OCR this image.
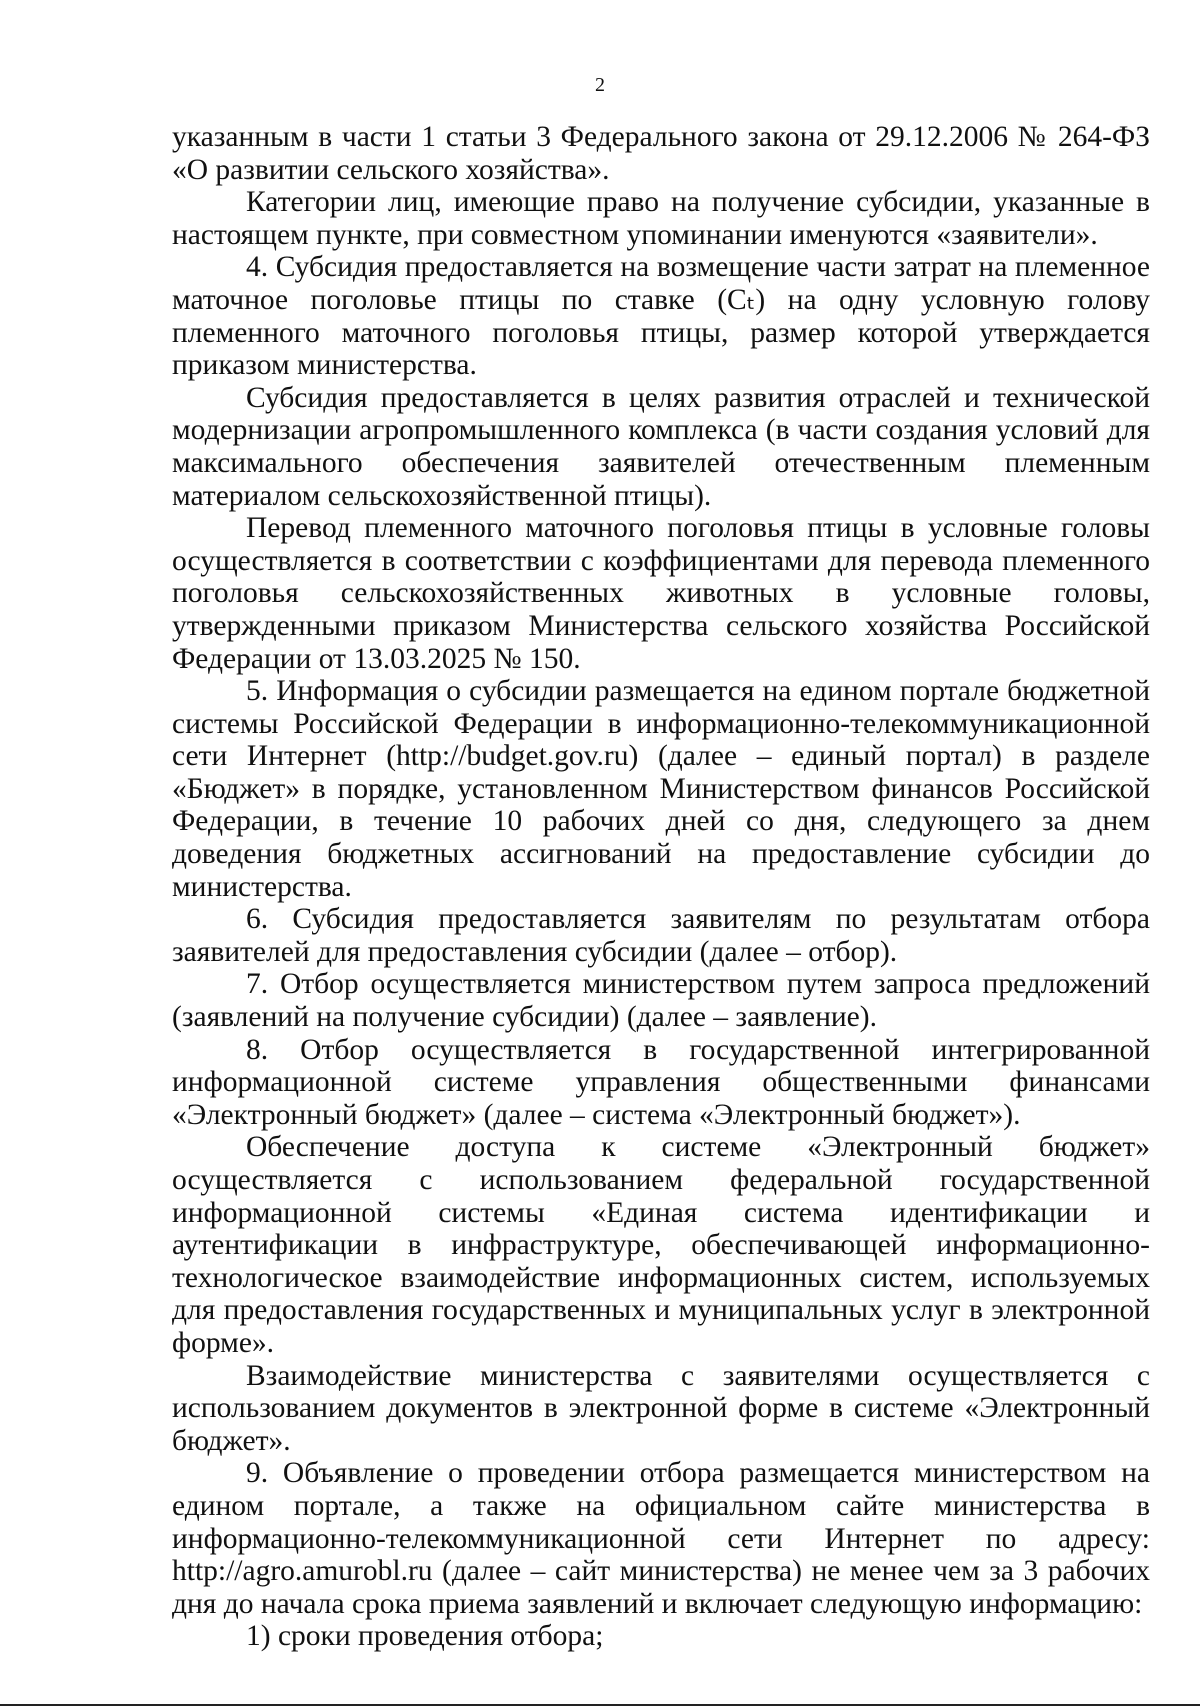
2

указанным в части 1 статьи 3 Федерального закона от 29.12.2006 № 264-ФЗ «О развитии сельского хозяйства».

Категории лиц, имеющие право на получение субсидии, указанные в настоящем пункте, при совместном упоминании именуются «заявители».

4. Субсидия предоставляется на возмещение части затрат на племенное маточное поголовье птицы по ставке (Cₜ) на одну условную голову племенного маточного поголовья птицы, размер которой утверждается приказом министерства.

Субсидия предоставляется в целях развития отраслей и технической модернизации агропромышленного комплекса (в части создания условий для максимального обеспечения заявителей отечественным племенным материалом сельскохозяйственной птицы).

Перевод племенного маточного поголовья птицы в условные головы осуществляется в соответствии с коэффициентами для перевода племенного поголовья сельскохозяйственных животных в условные головы, утвержденными приказом Министерства сельского хозяйства Российской Федерации от 13.03.2025 № 150.

5. Информация о субсидии размещается на едином портале бюджетной системы Российской Федерации в информационно-телекоммуникационной сети Интернет (http://budget.gov.ru) (далее – единый портал) в разделе «Бюджет» в порядке, установленном Министерством финансов Российской Федерации, в течение 10 рабочих дней со дня, следующего за днем доведения бюджетных ассигнований на предоставление субсидии до министерства.

6. Субсидия предоставляется заявителям по результатам отбора заявителей для предоставления субсидии (далее – отбор).

7. Отбор осуществляется министерством путем запроса предложений (заявлений на получение субсидии) (далее – заявление).

8. Отбор осуществляется в государственной интегрированной информационной системе управления общественными финансами «Электронный бюджет» (далее – система «Электронный бюджет»).

Обеспечение доступа к системе «Электронный бюджет» осуществляется с использованием федеральной государственной информационной системы «Единая система идентификации и аутентификации в инфраструктуре, обеспечивающей информационно-технологическое взаимодействие информационных систем, используемых для предоставления государственных и муниципальных услуг в электронной форме».

Взаимодействие министерства с заявителями осуществляется с использованием документов в электронной форме в системе «Электронный бюджет».

9. Объявление о проведении отбора размещается министерством на едином портале, а также на официальном сайте министерства в информационно-телекоммуникационной сети Интернет по адресу: http://agro.amurobl.ru (далее – сайт министерства) не менее чем за 3 рабочих дня до начала срока приема заявлений и включает следующую информацию:

1) сроки проведения отбора;
